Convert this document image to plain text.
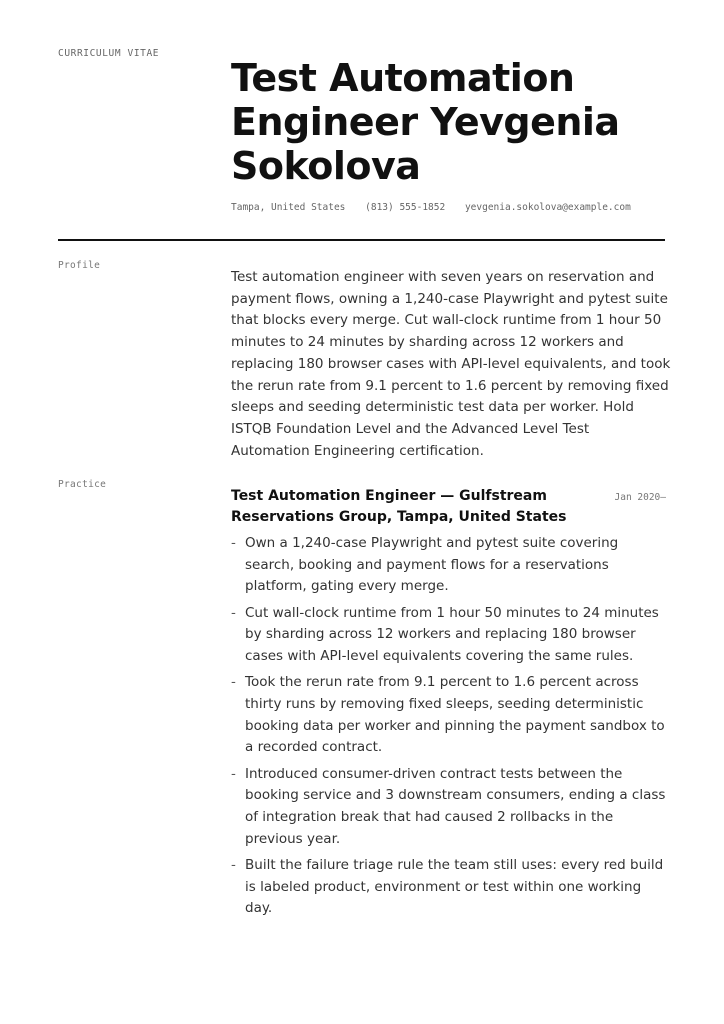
CURRICULUM VITAE
Test Automation Engineer Yevgenia Sokolova
Tampa, United States (813) 555-1852 yevgenia.sokolova@example.com
Profile

Test automation engineer with seven years on reservation and payment flows, owning a 1,240-case Playwright and pytest suite that blocks every merge. Cut wall-clock runtime from 1 hour 50 minutes to 24 minutes by sharding across 12 workers and replacing 180 browser cases with API-level equivalents, and took the rerun rate from 9.1 percent to 1.6 percent by removing fixed sleeps and seeding deterministic test data per worker. Hold ISTQB Foundation Level and the Advanced Level Test Automation Engineering certification.

Practice
Test Automation Engineer — Gulfstream Reservations Group, Tampa, United States
Jan 2020–
- Own a 1,240-case Playwright and pytest suite covering search, booking and payment flows for a reservations platform, gating every merge.
- Cut wall-clock runtime from 1 hour 50 minutes to 24 minutes by sharding across 12 workers and replacing 180 browser cases with API-level equivalents covering the same rules.
- Took the rerun rate from 9.1 percent to 1.6 percent across thirty runs by removing fixed sleeps, seeding deterministic booking data per worker and pinning the payment sandbox to a recorded contract.
- Introduced consumer-driven contract tests between the booking service and 3 downstream consumers, ending a class of integration break that had caused 2 rollbacks in the previous year.
- Built the failure triage rule the team still uses: every red build is labeled product, environment or test within one working day.
